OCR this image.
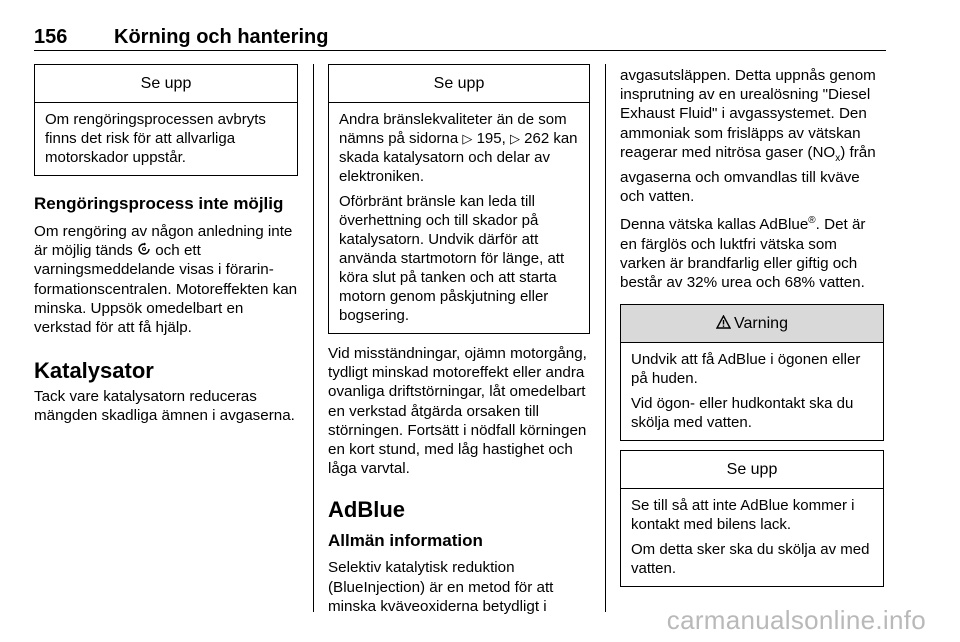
156 Körning och hantering
Se upp

Om rengöringsprocessen avbryts finns det risk för att allvarliga motorskador uppstår.

Rengöringsprocess inte möjlig

Om rengöring av någon anledning inte är möjlig tänds och ett varningsmeddelande visas i förarinformationscentralen. Motoreffekten kan minska. Uppsök omedelbart en verkstad för att få hjälp.

Katalysator

Tack vare katalysatorn reduceras mängden skadliga ämnen i avgaserna.

Se upp

Andra bränslekvaliteter än de som nämns på sidorna ▷ 195, ▷ 262 kan skada katalysatorn och delar av elektroniken.

Oförbränt bränsle kan leda till överhettning och till skador på katalysatorn. Undvik därför att använda startmotorn för länge, att köra slut på tanken och att starta motorn genom påskjutning eller bogsering.

Vid misständningar, ojämn motorgång, tydligt minskad motoreffekt eller andra ovanliga driftstörningar, låt omedelbart en verkstad åtgärda orsaken till störningen. Fortsätt i nödfall körningen en kort stund, med låg hastighet och låga varvtal.

AdBlue
Allmän information

Selektiv katalytisk reduktion (BlueInjection) är en metod för att minska kväveoxiderna betydligt i

avgasutsläppen. Detta uppnås genom insprutning av en urealösning "Diesel Exhaust Fluid" i avgassystemet. Den ammoniak som frisläpps av vätskan reagerar med nitrösa gaser $(NO_x)$ från avgaserna och omvandlas till kväve och vatten.

Denna vätska kallas AdBlue®. Det är en färglös och luktfri vätska som varken är brandfarlig eller giftig och består av 32% urea och 68% vatten.

Varning

Undvik att få AdBlue i ögonen eller på huden.

Vid ögon- eller hudkontakt ska du skölja med vatten.

Se upp

Se till så att inte AdBlue kommer i kontakt med bilens lack.

Om detta sker ska du skölja av med vatten.

carmanualsonline.info
